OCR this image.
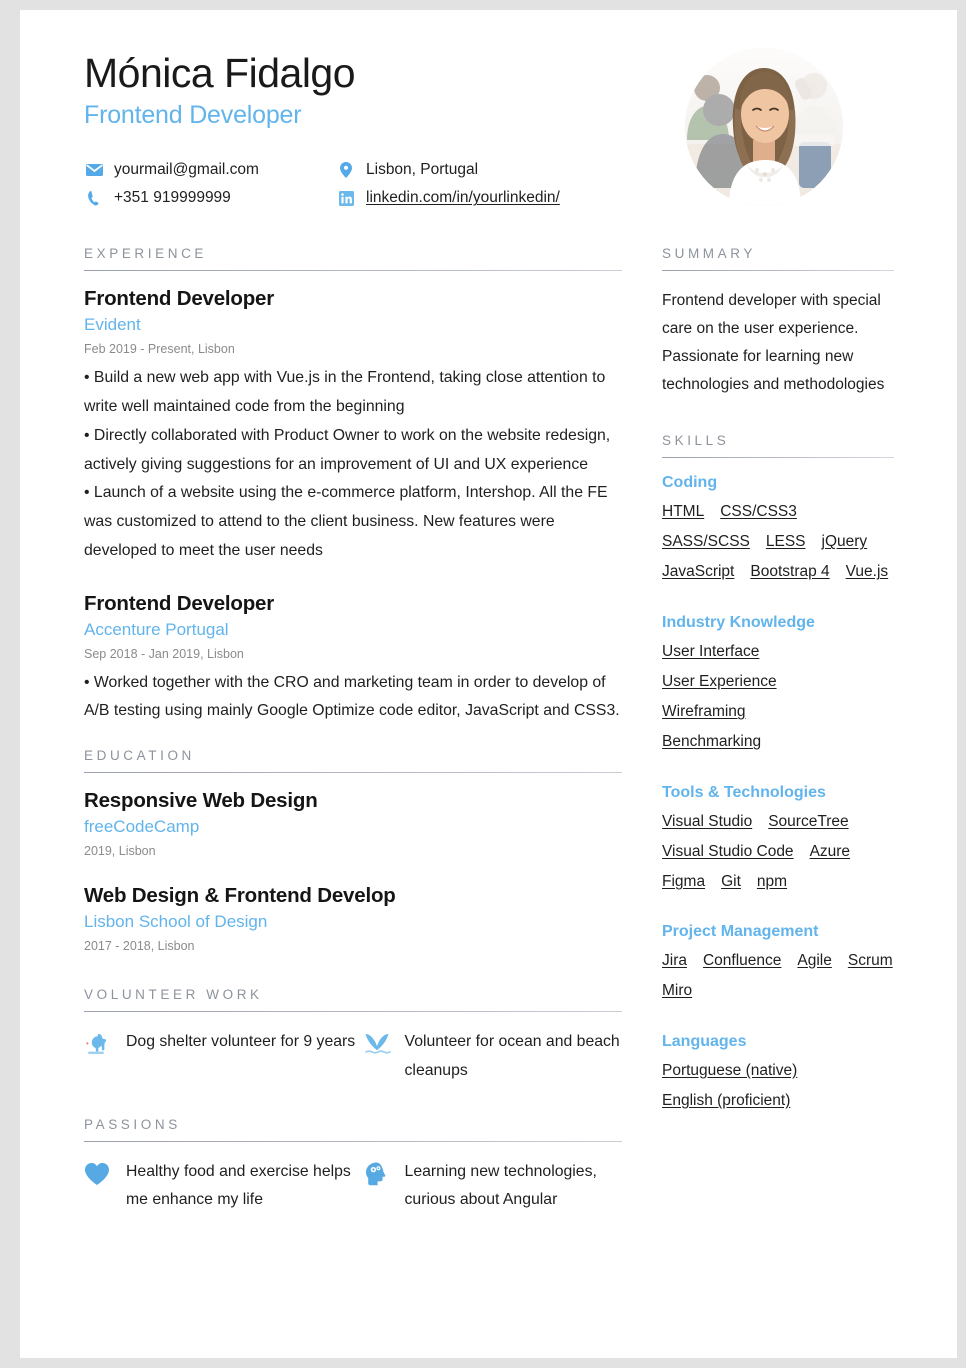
Mónica Fidalgo
Frontend Developer
yourmail@gmail.com
+351 919999999
Lisbon, Portugal
linkedin.com/in/yourlinkedin/
EXPERIENCE
Frontend Developer
Evident
Feb 2019 - Present, Lisbon
• Build a new web app with Vue.js in the Frontend, taking close attention to write well maintained code from the beginning
• Directly collaborated with Product Owner to work on the website redesign, actively giving suggestions for an improvement of UI and UX experience
• Launch of a website using the e-commerce platform, Intershop. All the FE was customized to attend to the client business. New features were developed to meet the user needs
Frontend Developer
Accenture Portugal
Sep 2018 - Jan 2019, Lisbon
• Worked together with the CRO and marketing team in order to develop of A/B testing using mainly Google Optimize code editor, JavaScript and CSS3.
EDUCATION
Responsive Web Design
freeCodeCamp
2019, Lisbon
Web Design & Frontend Develop
Lisbon School of Design
2017 - 2018, Lisbon
VOLUNTEER WORK
Dog shelter volunteer for 9 years	Volunteer for ocean and beach cleanups
PASSIONS
Healthy food and exercise helps me enhance my life
Learning new technologies, curious about Angular
SUMMARY
Frontend developer with special care on the user experience. Passionate for learning new technologies and methodologies
SKILLS
Coding
HTML CSS/CSS3
SASS/SCSS LESS jQuery
JavaScript Bootstrap 4 Vue.js
Industry Knowledge
User Interface
User Experience
Wireframing
Benchmarking
Tools & Technologies
Visual Studio SourceTree
Visual Studio Code Azure
Figma Git npm
Project Management
Jira Confluence Agile Scrum
Miro
Languages
Portuguese (native)
English (proficient)
